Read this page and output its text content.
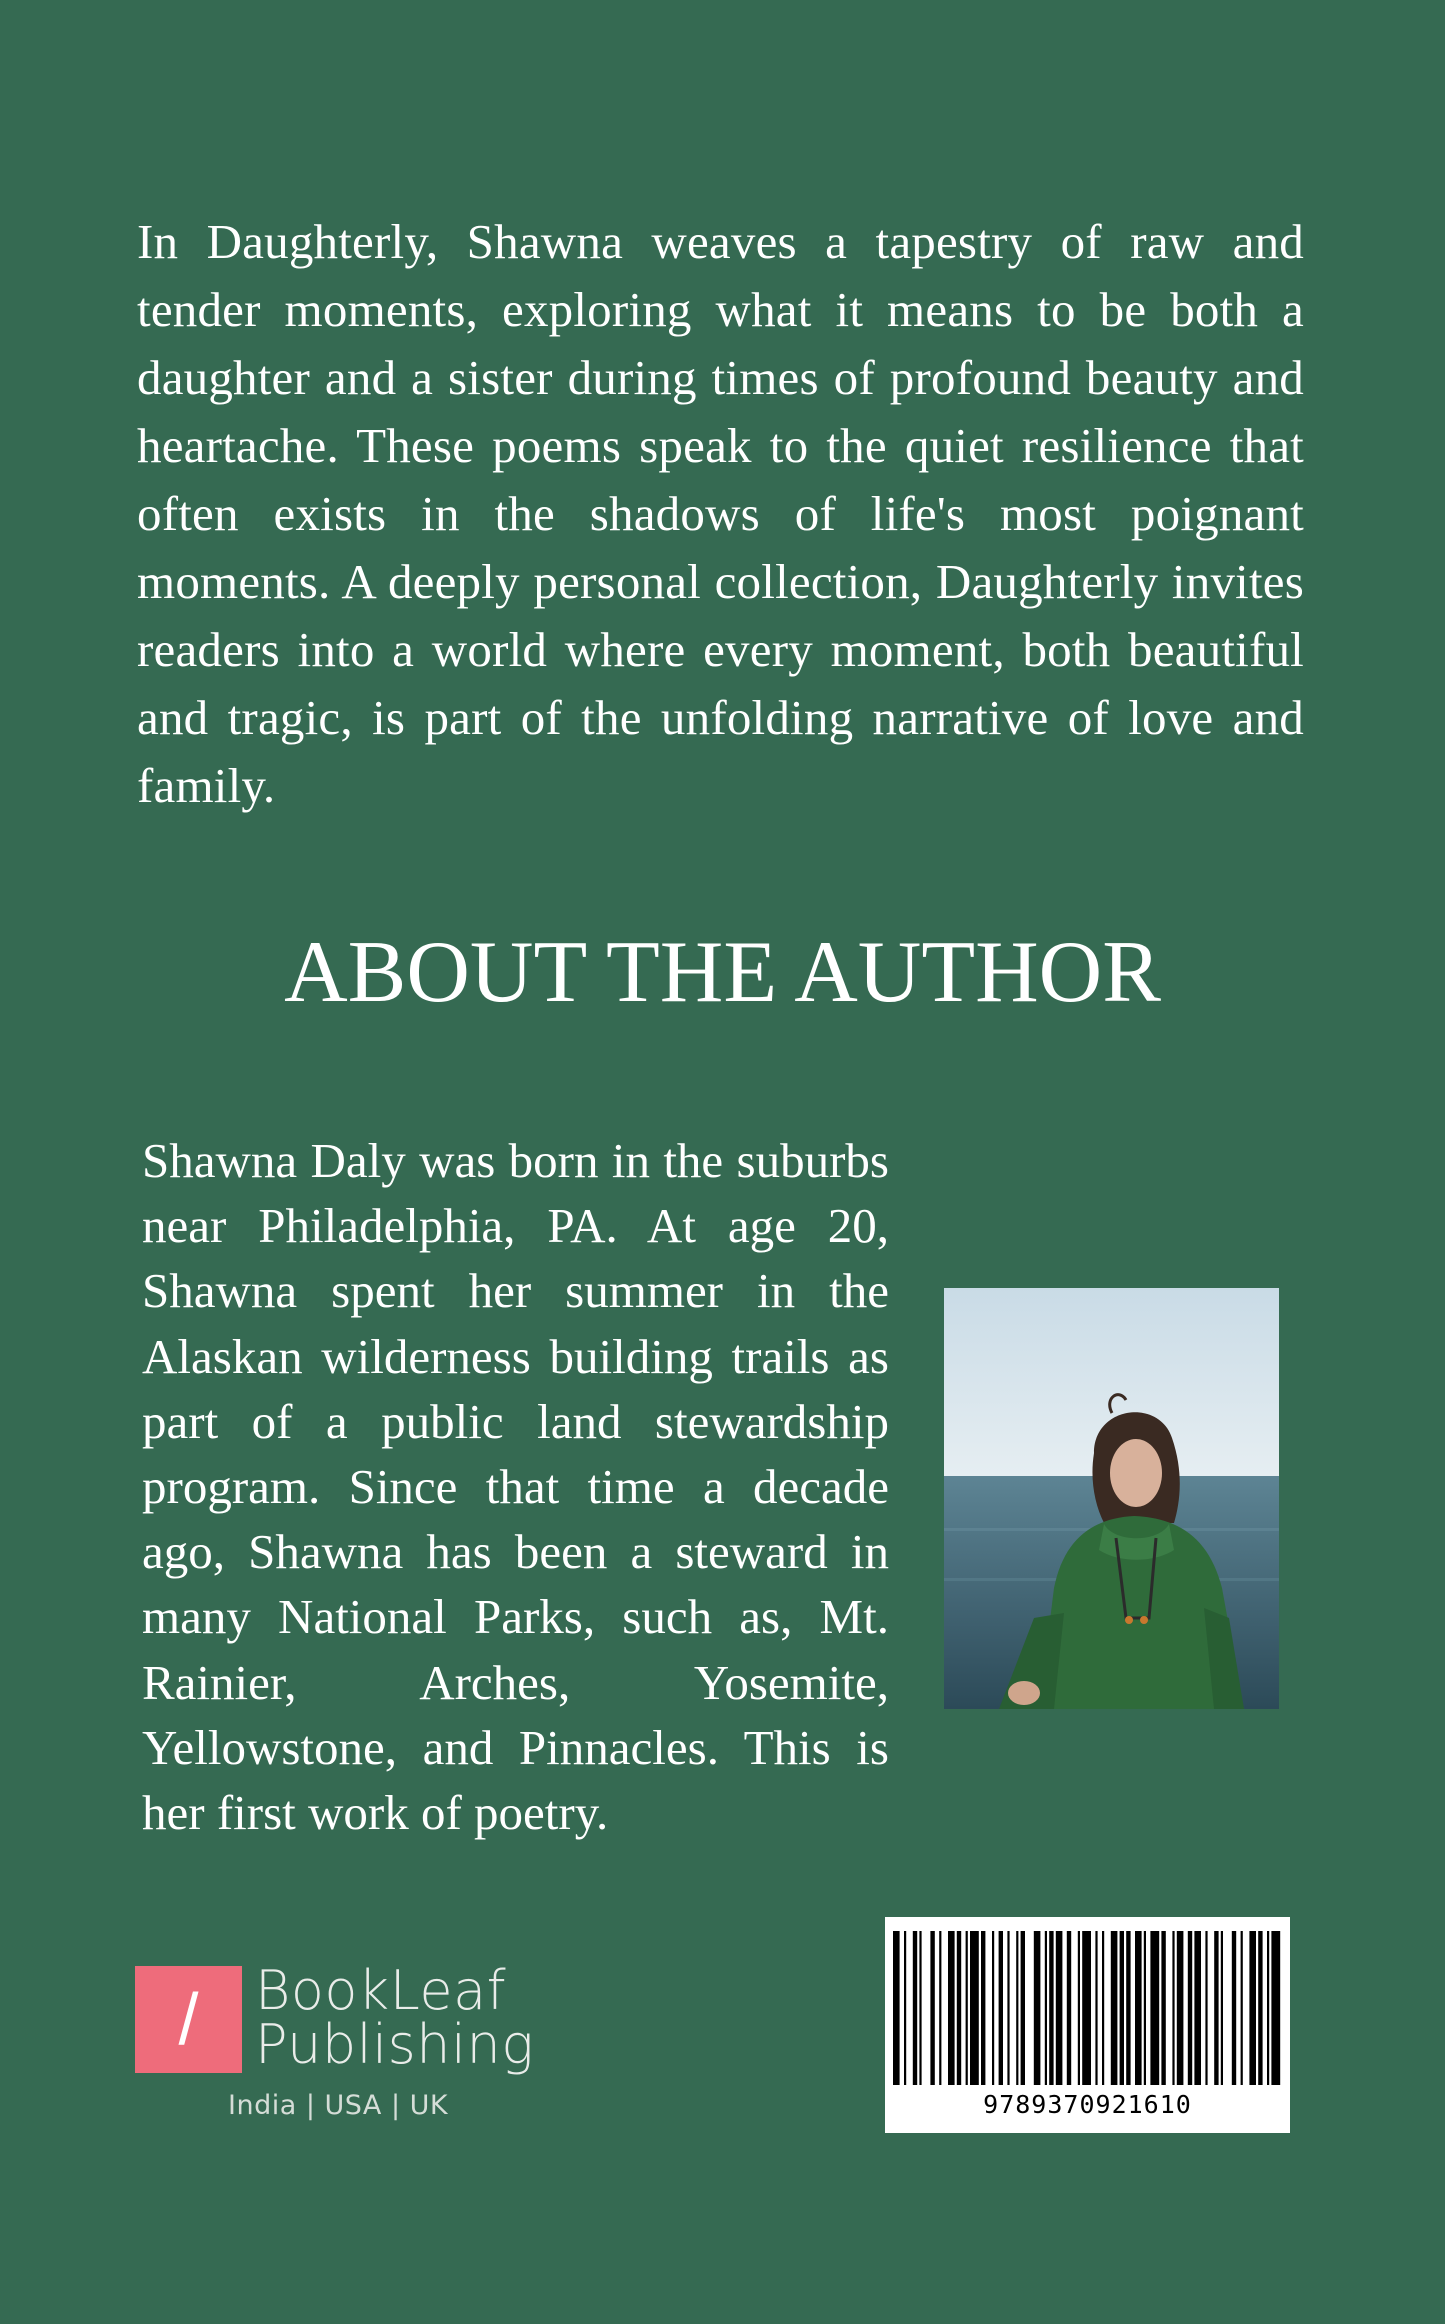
In Daughterly, Shawna weaves a tapestry of raw and tender moments, exploring what it means to be both a daughter and a sister during times of profound beauty and heartache. These poems speak to the quiet resilience that often exists in the shadows of life's most poignant moments. A deeply personal collection, Daughterly invites readers into a world where every moment, both beautiful and tragic, is part of the unfolding narrative of love and family.

ABOUT THE AUTHOR

Shawna Daly was born in the suburbs near Philadelphia, PA. At age 20, Shawna spent her summer in the Alaskan wilderness building trails as part of a public land stewardship program. Since that time a decade ago, Shawna has been a steward in many National Parks, such as, Mt. Rainier, Arches, Yosemite, Yellowstone, and Pinnacles. This is her first work of poetry.

/	BookLeaf
Publishing
India | USA | UK	9789370921610
